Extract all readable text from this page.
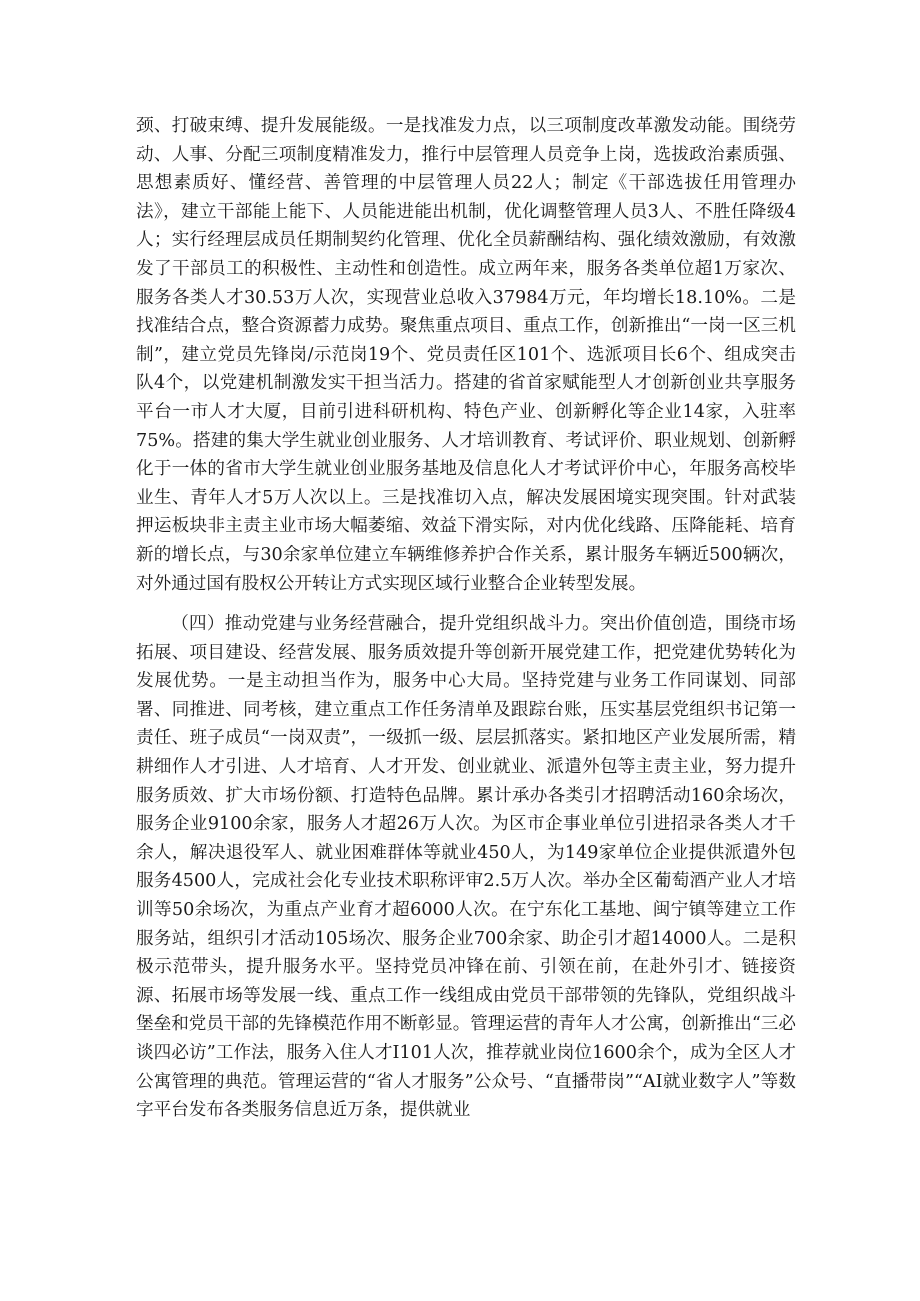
颈、打破束缚、提升发展能级。一是找准发力点，以三项制度改革激发动能。围绕劳动、人事、分配三项制度精准发力，推行中层管理人员竞争上岗，选拔政治素质强、思想素质好、懂经营、善管理的中层管理人员22人；制定《干部选拔任用管理办法》，建立干部能上能下、人员能进能出机制，优化调整管理人员3人、不胜任降级4人；实行经理层成员任期制契约化管理、优化全员薪酬结构、强化绩效激励，有效激发了干部员工的积极性、主动性和创造性。成立两年来，服务各类单位超1万家次、服务各类人才30.53万人次，实现营业总收入37984万元，年均增长18.10%。二是找准结合点，整合资源蓄力成势。聚焦重点项目、重点工作，创新推出“一岗一区三机制”，建立党员先锋岗/示范岗19个、党员责任区101个、选派项目长6个、组成突击队4个，以党建机制激发实干担当活力。搭建的省首家赋能型人才创新创业共享服务平台一市人才大厦，目前引进科研机构、特色产业、创新孵化等企业14家，入驻率75%。搭建的集大学生就业创业服务、人才培训教育、考试评价、职业规划、创新孵化于一体的省市大学生就业创业服务基地及信息化人才考试评价中心，年服务高校毕业生、青年人才5万人次以上。三是找准切入点，解决发展困境实现突围。针对武装押运板块非主责主业市场大幅萎缩、效益下滑实际，对内优化线路、压降能耗、培育新的增长点，与30余家单位建立车辆维修养护合作关系，累计服务车辆近500辆次，对外通过国有股权公开转让方式实现区域行业整合企业转型发展。

（四）推动党建与业务经营融合，提升党组织战斗力。突出价值创造，围绕市场拓展、项目建设、经营发展、服务质效提升等创新开展党建工作，把党建优势转化为发展优势。一是主动担当作为，服务中心大局。坚持党建与业务工作同谋划、同部署、同推进、同考核，建立重点工作任务清单及跟踪台账，压实基层党组织书记第一责任、班子成员“一岗双责”，一级抓一级、层层抓落实。紧扣地区产业发展所需，精耕细作人才引进、人才培育、人才开发、创业就业、派遣外包等主责主业，努力提升服务质效、扩大市场份额、打造特色品牌。累计承办各类引才招聘活动160余场次，服务企业9100余家，服务人才超26万人次。为区市企事业单位引进招录各类人才千余人，解决退役军人、就业困难群体等就业450人，为149家单位企业提供派遣外包服务4500人，完成社会化专业技术职称评审2.5万人次。举办全区葡萄酒产业人才培训等50余场次，为重点产业育才超6000人次。在宁东化工基地、闽宁镇等建立工作服务站，组织引才活动105场次、服务企业700余家、助企引才超14000人。二是积极示范带头，提升服务水平。坚持党员冲锋在前、引领在前，在赴外引才、链接资源、拓展市场等发展一线、重点工作一线组成由党员干部带领的先锋队，党组织战斗堡垒和党员干部的先锋模范作用不断彰显。管理运营的青年人才公寓，创新推出“三必谈四必访”工作法，服务入住人才I101人次，推荐就业岗位1600余个，成为全区人才公寓管理的典范。管理运营的“省人才服务”公众号、“直播带岗”“AI就业数字人”等数字平台发布各类服务信息近万条，提供就业
